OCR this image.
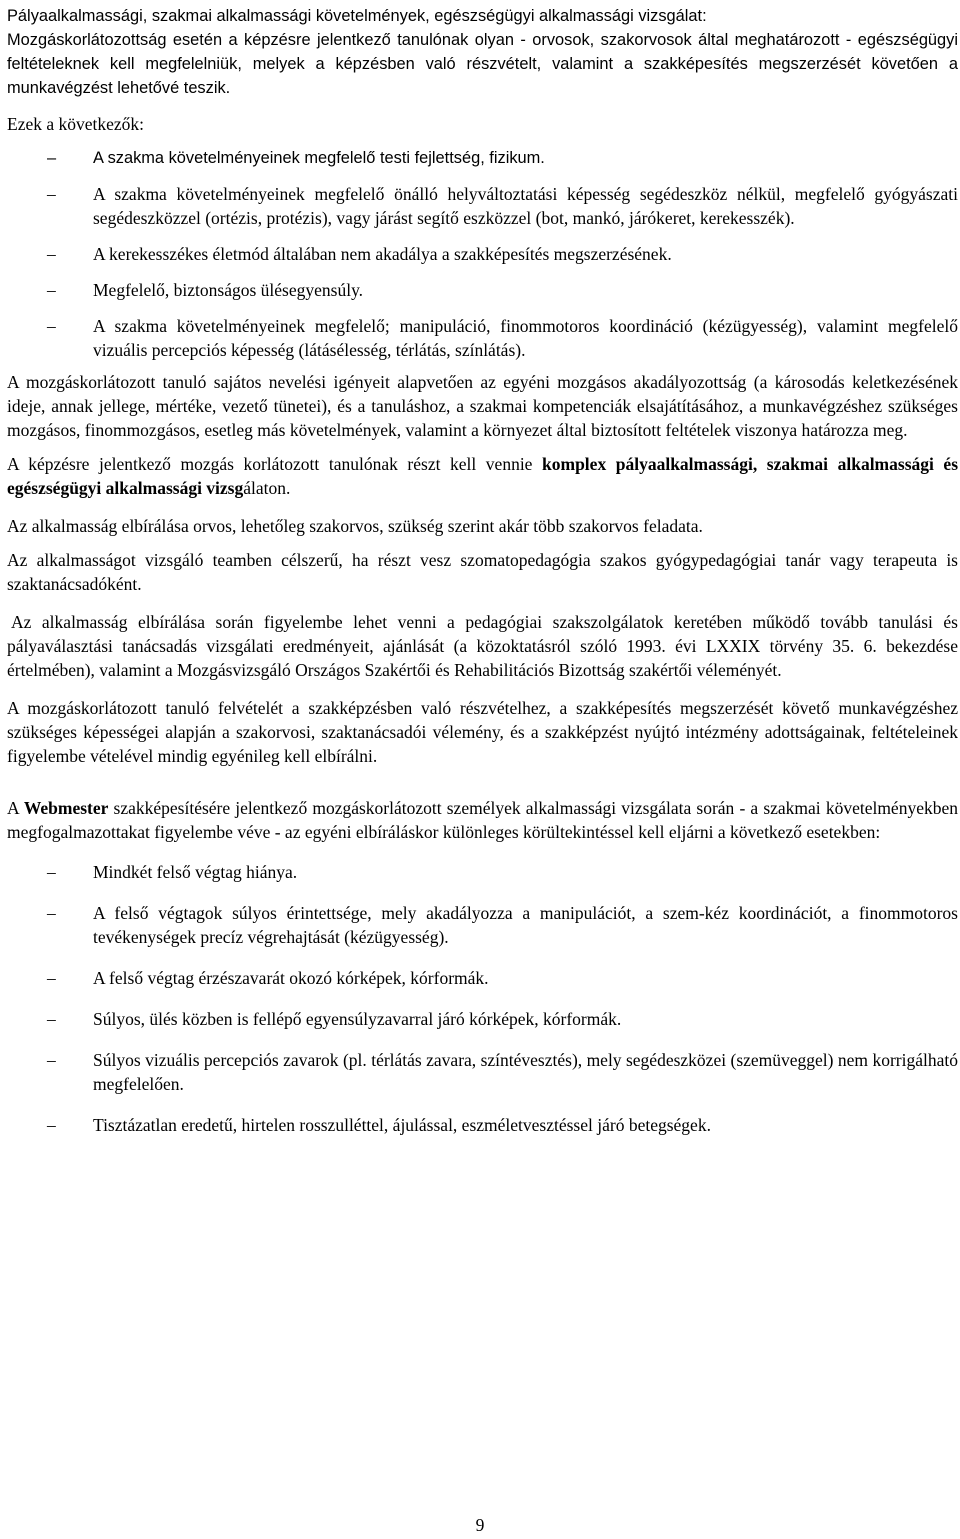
Pályaalkalmassági, szakmai alkalmassági követelmények, egészségügyi alkalmassági vizsgálat:

Mozgáskorlátozottság esetén a képzésre jelentkező tanulónak olyan - orvosok, szakorvosok által meghatározott - egészségügyi feltételeknek kell megfelelniük, melyek a képzésben való részvételt, valamint a szakképesítés megszerzését követően a munkavégzést lehetővé teszik.

Ezek a következők:

–
A szakma követelményeinek megfelelő testi fejlettség, fizikum.
–
A szakma követelményeinek megfelelő önálló helyváltoztatási képesség segédeszköz nélkül, megfelelő gyógyászati segédeszközzel (ortézis, protézis), vagy járást segítő eszközzel (bot, mankó, járókeret, kerekesszék).
–
A kerekesszékes életmód általában nem akadálya a szakképesítés megszerzésének.
–
Megfelelő, biztonságos ülésegyensúly.
–
A szakma követelményeinek megfelelő; manipuláció, finommotoros koordináció (kézügyesség), valamint megfelelő vizuális percepciós képesség (látásélesség, térlátás, színlátás).

A mozgáskorlátozott tanuló sajátos nevelési igényeit alapvetően az egyéni mozgásos akadályozottság (a károsodás keletkezésének ideje, annak jellege, mértéke, vezető tünetei), és a tanuláshoz, a szakmai kompetenciák elsajátításához, a munkavégzéshez szükséges mozgásos, finommozgásos, esetleg más követelmények, valamint a környezet által biztosított feltételek viszonya határozza meg.

A képzésre jelentkező mozgás korlátozott tanulónak részt kell vennie komplex pályaalkalmassági, szakmai alkalmassági és egészségügyi alkalmassági vizsgálaton.

Az alkalmasság elbírálása orvos, lehetőleg szakorvos, szükség szerint akár több szakorvos feladata.

Az alkalmasságot vizsgáló teamben célszerű, ha részt vesz szomatopedagógia szakos gyógypedagógiai tanár vagy terapeuta is szaktanácsadóként.

Az alkalmasság elbírálása során figyelembe lehet venni a pedagógiai szakszolgálatok keretében működő tovább tanulási és pályaválasztási tanácsadás vizsgálati eredményeit, ajánlását (a közoktatásról szóló 1993. évi LXXIX törvény 35. 6. bekezdése értelmében), valamint a Mozgásvizsgáló Országos Szakértői és Rehabilitációs Bizottság szakértői véleményét.

A mozgáskorlátozott tanuló felvételét a szakképzésben való részvételhez, a szakképesítés megszerzését követő munkavégzéshez szükséges képességei alapján a szakorvosi, szaktanácsadói vélemény, és a szakképzést nyújtó intézmény adottságainak, feltételeinek figyelembe vételével mindig egyénileg kell elbírálni.

A Webmester szakképesítésére jelentkező mozgáskorlátozott személyek alkalmassági vizsgálata során - a szakmai követelményekben megfogalmazottakat figyelembe véve - az egyéni elbíráláskor különleges körültekintéssel kell eljárni a következő esetekben:

–
Mindkét felső végtag hiánya.
–
A felső végtagok súlyos érintettsége, mely akadályozza a manipulációt, a szem-kéz koordinációt, a finommotoros tevékenységek precíz végrehajtását (kézügyesség).
–
A felső végtag érzészavarát okozó kórképek, kórformák.
–
Súlyos, ülés közben is fellépő egyensúlyzavarral járó kórképek, kórformák.
–
Súlyos vizuális percepciós zavarok (pl. térlátás zavara, színtévesztés), mely segédeszközei (szemüveggel) nem korrigálható megfelelően.
–
Tisztázatlan eredetű, hirtelen rosszulléttel, ájulással, eszméletvesztéssel járó betegségek.
9
